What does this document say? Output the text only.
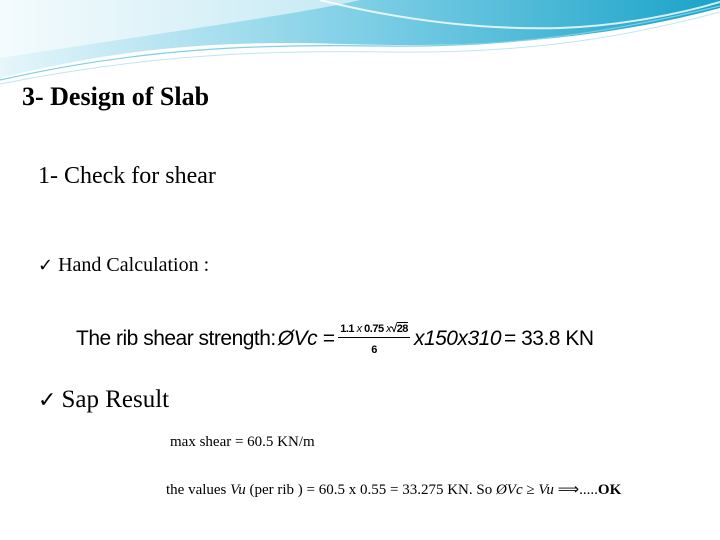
3- Design of Slab
1- Check for shear
✓ Hand Calculation :
The rib shear strength: ØVc = $\frac{1.1 x 0.75 x√28}{6} x150x310 = 33.8$ KN
✓ Sap Result
max shear = 60.5 KN/m
the values Vu (per rib ) = 60.5 x 0.55 = 33.275 KN. So ØVc ≥ Vu ⟹.....OK
